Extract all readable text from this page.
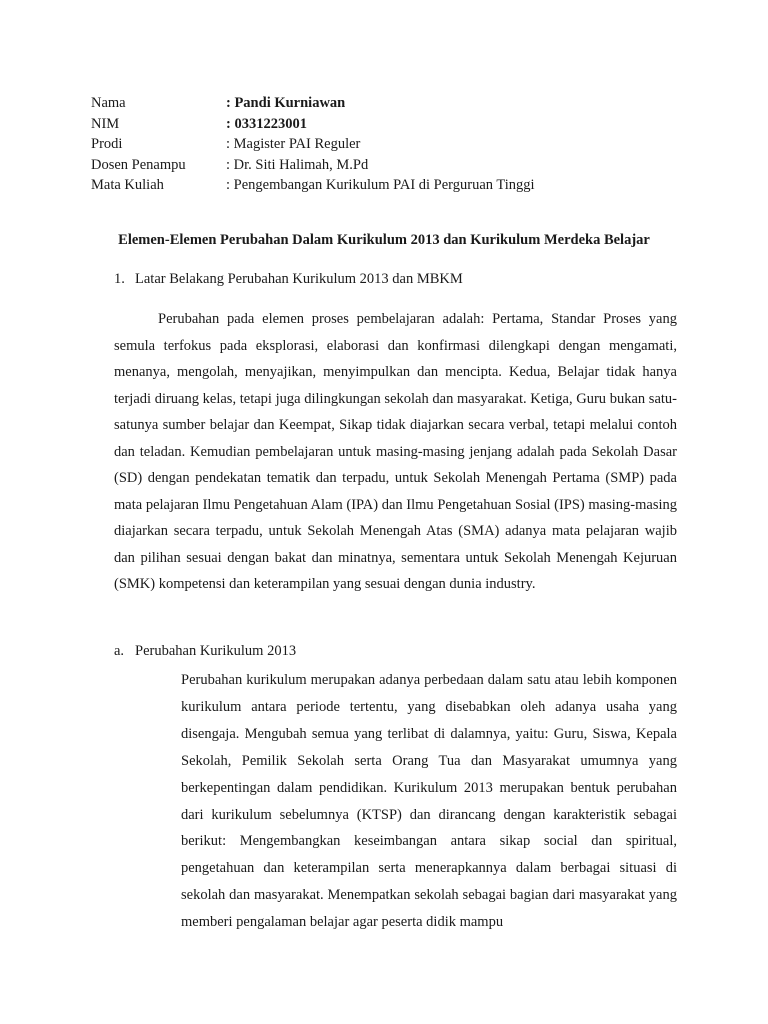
Nama	: Pandi Kurniawan
NIM	: 0331223001
Prodi	: Magister PAI Reguler
Dosen Penampu	: Dr. Siti Halimah, M.Pd
Mata Kuliah	: Pengembangan Kurikulum PAI di Perguruan Tinggi
Elemen-Elemen Perubahan Dalam Kurikulum 2013 dan Kurikulum Merdeka Belajar
1. Latar Belakang Perubahan Kurikulum 2013 dan MBKM

Perubahan pada elemen proses pembelajaran adalah: Pertama, Standar Proses yang semula terfokus pada eksplorasi, elaborasi dan konfirmasi dilengkapi dengan mengamati, menanya, mengolah, menyajikan, menyimpulkan dan mencipta. Kedua, Belajar tidak hanya terjadi diruang kelas, tetapi juga dilingkungan sekolah dan masyarakat. Ketiga, Guru bukan satu-satunya sumber belajar dan Keempat, Sikap tidak diajarkan secara verbal, tetapi melalui contoh dan teladan. Kemudian pembelajaran untuk masing-masing jenjang adalah pada Sekolah Dasar (SD) dengan pendekatan tematik dan terpadu, untuk Sekolah Menengah Pertama (SMP) pada mata pelajaran Ilmu Pengetahuan Alam (IPA) dan Ilmu Pengetahuan Sosial (IPS) masing-masing diajarkan secara terpadu, untuk Sekolah Menengah Atas (SMA) adanya mata pelajaran wajib dan pilihan sesuai dengan bakat dan minatnya, sementara untuk Sekolah Menengah Kejuruan (SMK) kompetensi dan keterampilan yang sesuai dengan dunia industry.

a. Perubahan Kurikulum 2013

Perubahan kurikulum merupakan adanya perbedaan dalam satu atau lebih komponen kurikulum antara periode tertentu, yang disebabkan oleh adanya usaha yang disengaja. Mengubah semua yang terlibat di dalamnya, yaitu: Guru, Siswa, Kepala Sekolah, Pemilik Sekolah serta Orang Tua dan Masyarakat umumnya yang berkepentingan dalam pendidikan. Kurikulum 2013 merupakan bentuk perubahan dari kurikulum sebelumnya (KTSP) dan dirancang dengan karakteristik sebagai berikut: Mengembangkan keseimbangan antara sikap social dan spiritual, pengetahuan dan keterampilan serta menerapkannya dalam berbagai situasi di sekolah dan masyarakat. Menempatkan sekolah sebagai bagian dari masyarakat yang memberi pengalaman belajar agar peserta didik mampu
